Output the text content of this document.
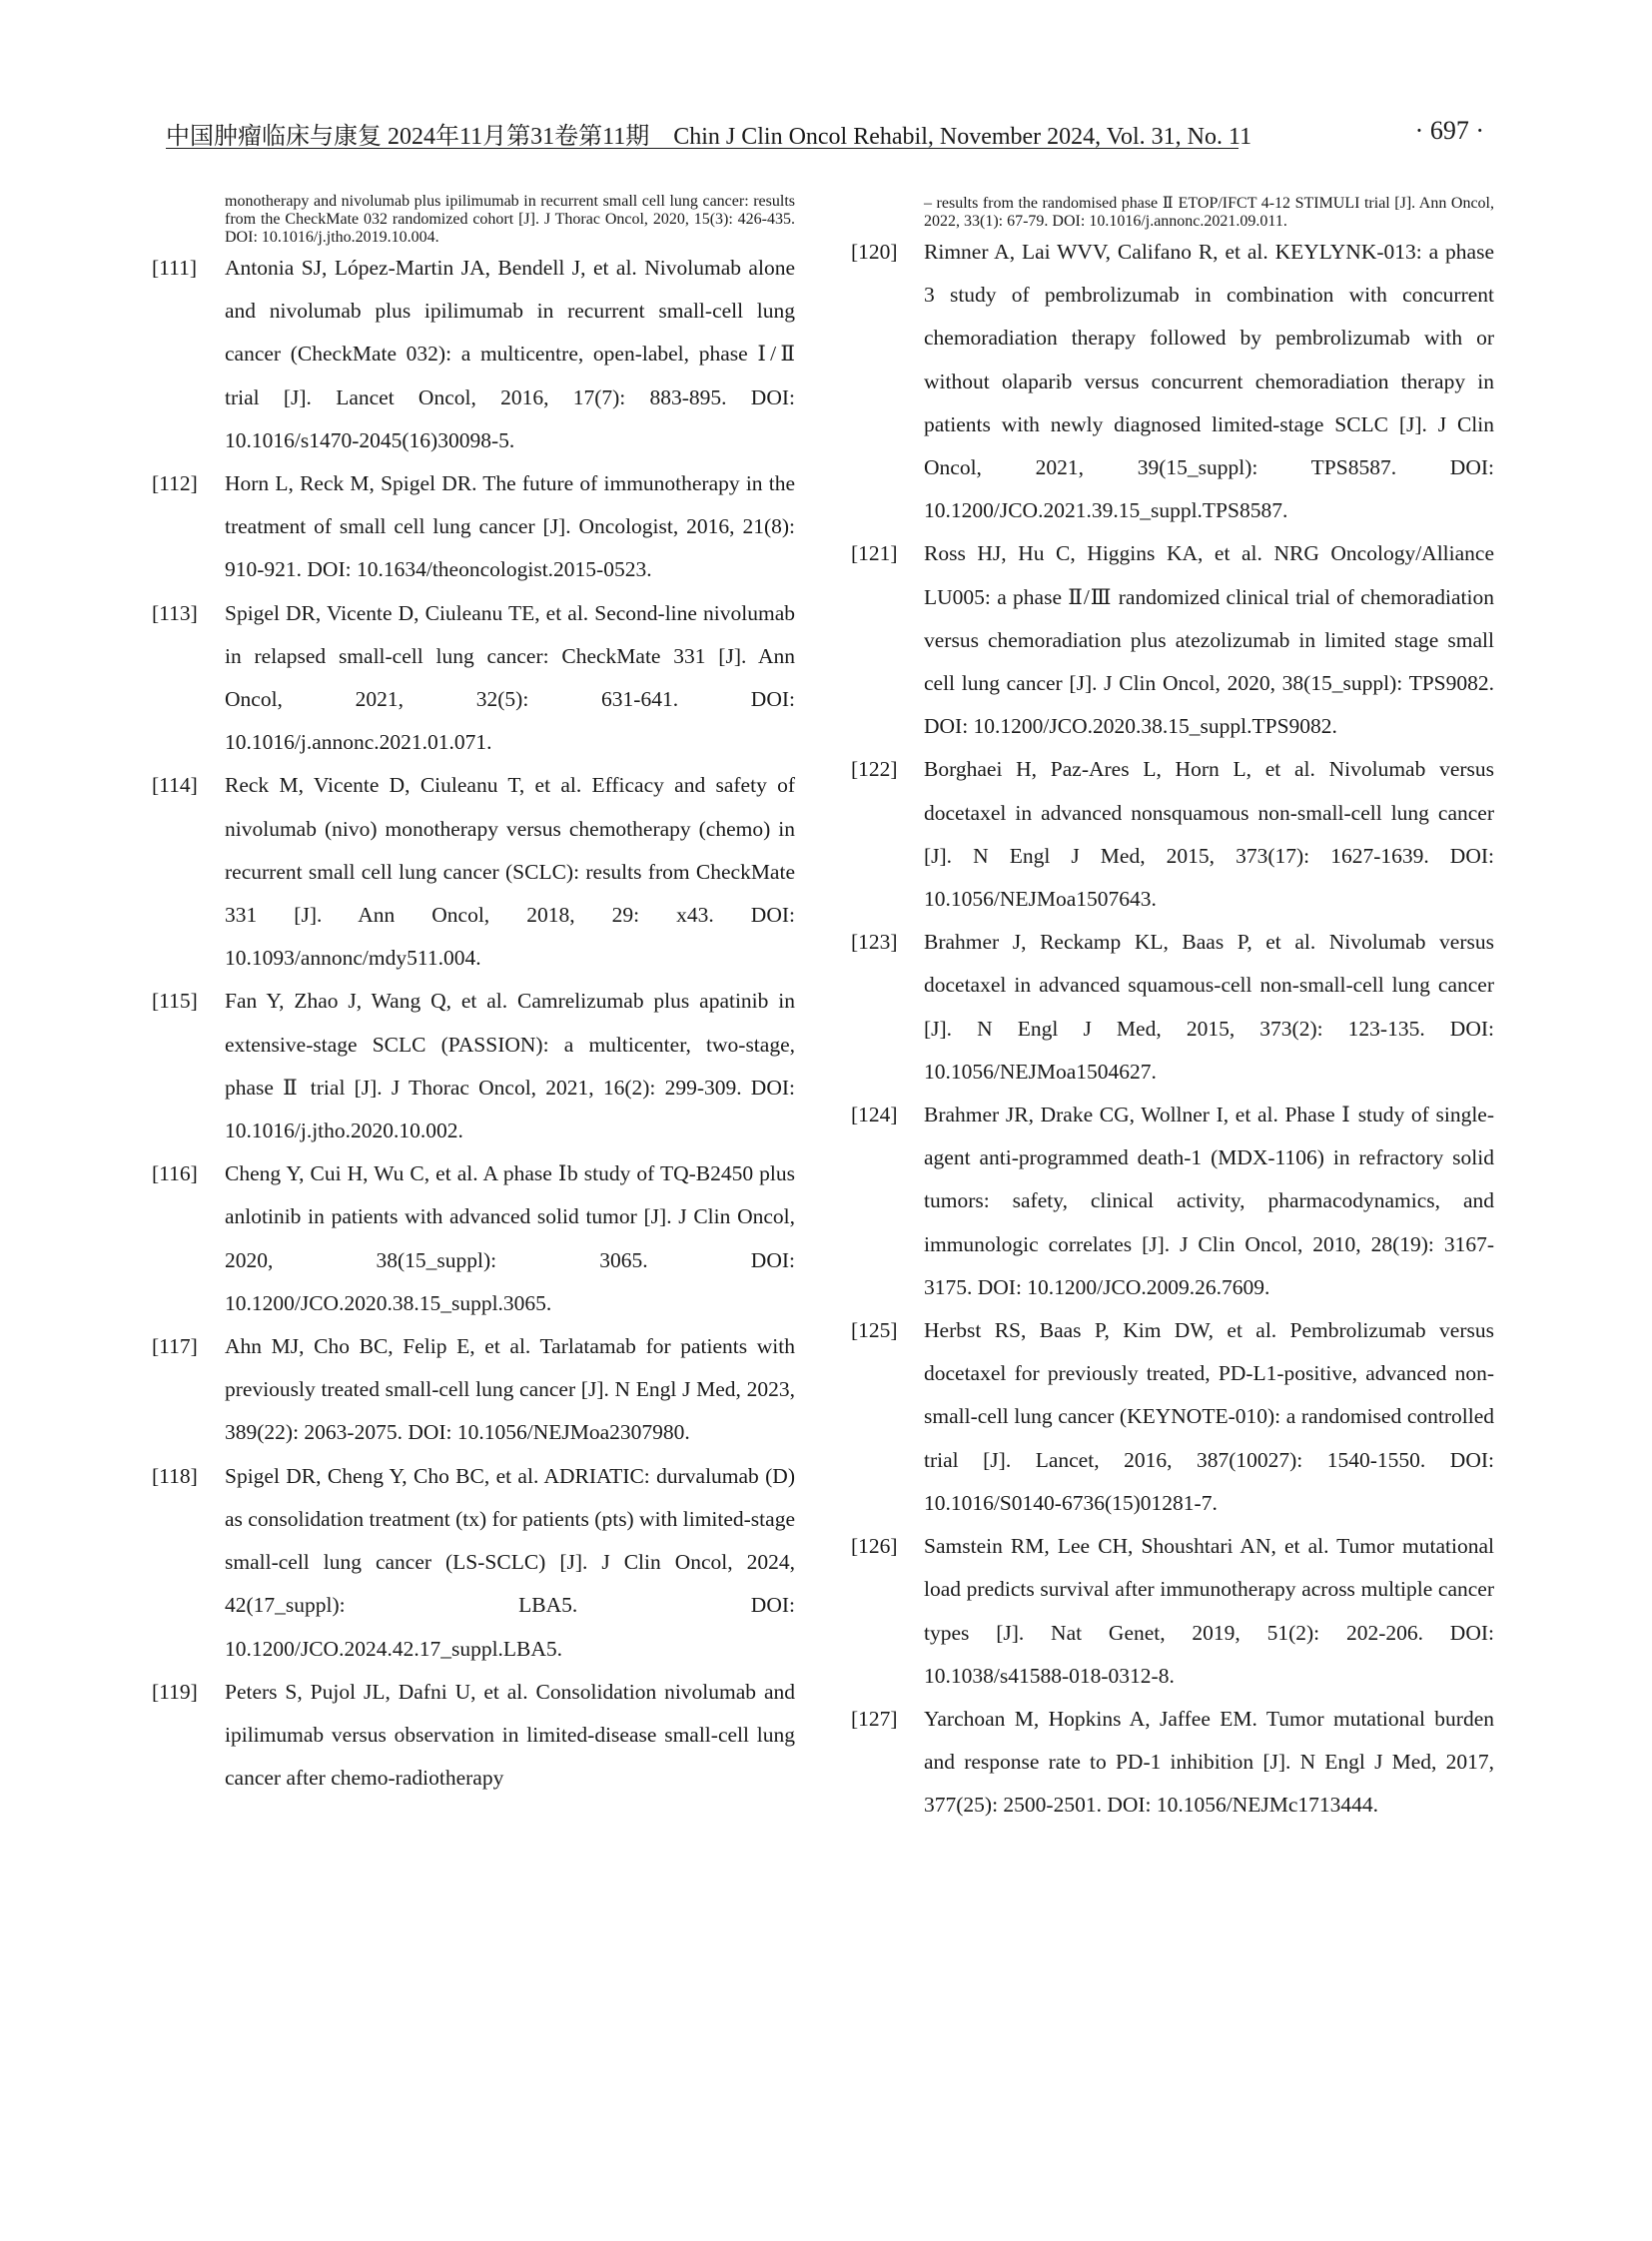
中国肿瘤临床与康复 2024年11月第31卷第11期　Chin J Clin Oncol Rehabil, November 2024, Vol. 31, No. 11	· 697 ·
monotherapy and nivolumab plus ipilimumab in recurrent small cell lung cancer: results from the CheckMate 032 randomized cohort [J]. J Thorac Oncol, 2020, 15(3): 426-435. DOI: 10.1016/j.jtho.2019.10.004.
[111]	Antonia SJ, López-Martin JA, Bendell J, et al. Nivolumab alone and nivolumab plus ipilimumab in recurrent small-cell lung cancer (CheckMate 032): a multicentre, open-label, phase Ⅰ/Ⅱ trial [J]. Lancet Oncol, 2016, 17(7): 883-895. DOI: 10.1016/s1470-2045(16)30098-5.
[112]	Horn L, Reck M, Spigel DR. The future of immunotherapy in the treatment of small cell lung cancer [J]. Oncologist, 2016, 21(8): 910-921. DOI: 10.1634/theoncologist.2015-0523.
[113]	Spigel DR, Vicente D, Ciuleanu TE, et al. Second-line nivolumab in relapsed small-cell lung cancer: CheckMate 331 [J]. Ann Oncol, 2021, 32(5): 631-641. DOI: 10.1016/j.annonc.2021.01.071.
[114]	Reck M, Vicente D, Ciuleanu T, et al. Efficacy and safety of nivolumab (nivo) monotherapy versus chemotherapy (chemo) in recurrent small cell lung cancer (SCLC): results from CheckMate 331 [J]. Ann Oncol, 2018, 29: x43. DOI: 10.1093/annonc/mdy511.004.
[115]	Fan Y, Zhao J, Wang Q, et al. Camrelizumab plus apatinib in extensive-stage SCLC (PASSION): a multicenter, two-stage, phase Ⅱ trial [J]. J Thorac Oncol, 2021, 16(2): 299-309. DOI: 10.1016/j.jtho.2020.10.002.
[116]	Cheng Y, Cui H, Wu C, et al. A phase Ⅰb study of TQ-B2450 plus anlotinib in patients with advanced solid tumor [J]. J Clin Oncol, 2020, 38(15_suppl): 3065. DOI: 10.1200/JCO.2020.38.15_suppl.3065.
[117]	Ahn MJ, Cho BC, Felip E, et al. Tarlatamab for patients with previously treated small-cell lung cancer [J]. N Engl J Med, 2023, 389(22): 2063-2075. DOI: 10.1056/NEJMoa2307980.
[118]	Spigel DR, Cheng Y, Cho BC, et al. ADRIATIC: durvalumab (D) as consolidation treatment (tx) for patients (pts) with limited-stage small-cell lung cancer (LS-SCLC) [J]. J Clin Oncol, 2024, 42(17_suppl): LBA5. DOI: 10.1200/JCO.2024.42.17_suppl.LBA5.
[119]	Peters S, Pujol JL, Dafni U, et al. Consolidation nivolumab and ipilimumab versus observation in limited-disease small-cell lung cancer after chemo-radiotherapy
– results from the randomised phase Ⅱ ETOP/IFCT 4-12 STIMULI trial [J]. Ann Oncol, 2022, 33(1): 67-79. DOI: 10.1016/j.annonc.2021.09.011.
[120]	Rimner A, Lai WVV, Califano R, et al. KEYLYNK-013: a phase 3 study of pembrolizumab in combination with concurrent chemoradiation therapy followed by pembrolizumab with or without olaparib versus concurrent chemoradiation therapy in patients with newly diagnosed limited-stage SCLC [J]. J Clin Oncol, 2021, 39(15_suppl): TPS8587. DOI: 10.1200/JCO.2021.39.15_suppl.TPS8587.
[121]	Ross HJ, Hu C, Higgins KA, et al. NRG Oncology/Alliance LU005: a phase Ⅱ/Ⅲ randomized clinical trial of chemoradiation versus chemoradiation plus atezolizumab in limited stage small cell lung cancer [J]. J Clin Oncol, 2020, 38(15_suppl): TPS9082. DOI: 10.1200/JCO.2020.38.15_suppl.TPS9082.
[122]	Borghaei H, Paz-Ares L, Horn L, et al. Nivolumab versus docetaxel in advanced nonsquamous non-small-cell lung cancer [J]. N Engl J Med, 2015, 373(17): 1627-1639. DOI: 10.1056/NEJMoa1507643.
[123]	Brahmer J, Reckamp KL, Baas P, et al. Nivolumab versus docetaxel in advanced squamous-cell non-small-cell lung cancer [J]. N Engl J Med, 2015, 373(2): 123-135. DOI: 10.1056/NEJMoa1504627.
[124]	Brahmer JR, Drake CG, Wollner I, et al. Phase Ⅰ study of single-agent anti-programmed death-1 (MDX-1106) in refractory solid tumors: safety, clinical activity, pharmacodynamics, and immunologic correlates [J]. J Clin Oncol, 2010, 28(19): 3167-3175. DOI: 10.1200/JCO.2009.26.7609.
[125]	Herbst RS, Baas P, Kim DW, et al. Pembrolizumab versus docetaxel for previously treated, PD-L1-positive, advanced non-small-cell lung cancer (KEYNOTE-010): a randomised controlled trial [J]. Lancet, 2016, 387(10027): 1540-1550. DOI: 10.1016/S0140-6736(15)01281-7.
[126]	Samstein RM, Lee CH, Shoushtari AN, et al. Tumor mutational load predicts survival after immunotherapy across multiple cancer types [J]. Nat Genet, 2019, 51(2): 202-206. DOI: 10.1038/s41588-018-0312-8.
[127]	Yarchoan M, Hopkins A, Jaffee EM. Tumor mutational burden and response rate to PD-1 inhibition [J]. N Engl J Med, 2017, 377(25): 2500-2501. DOI: 10.1056/NEJMc1713444.
